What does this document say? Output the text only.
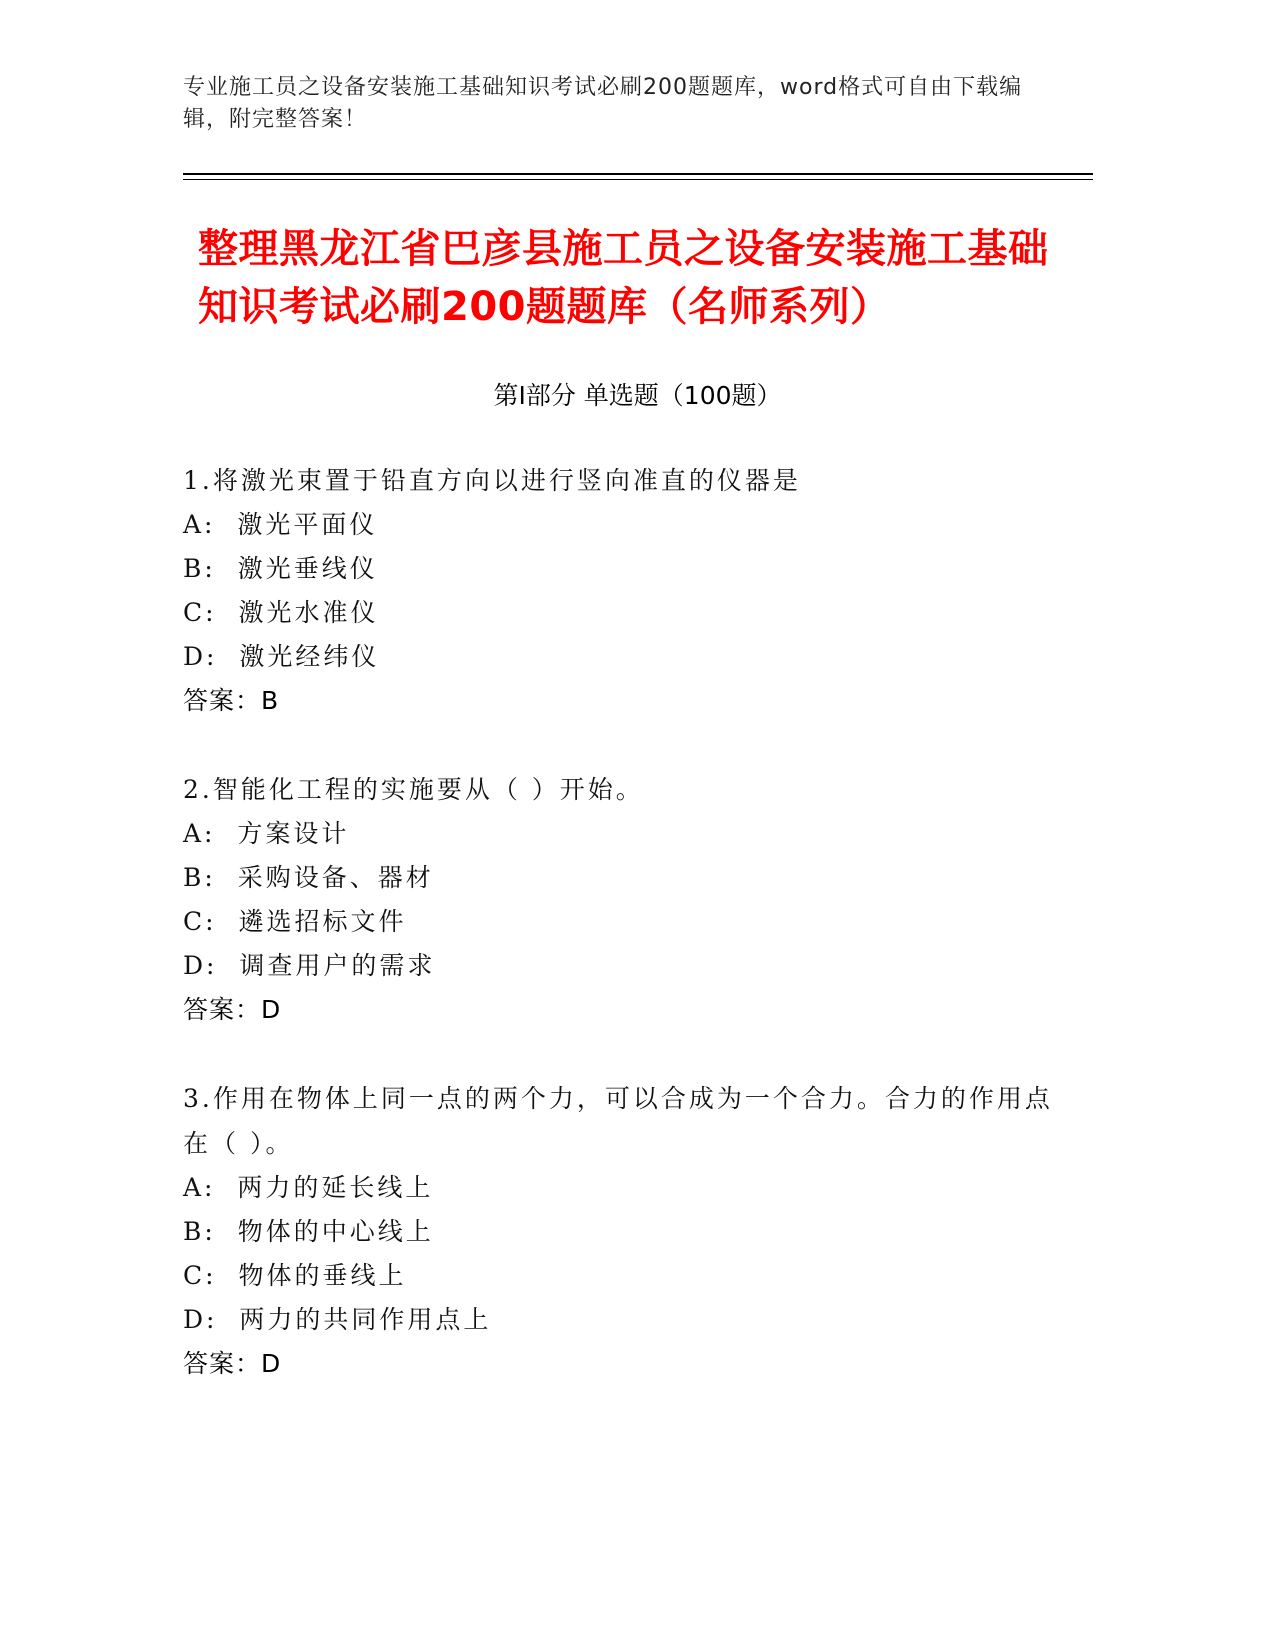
专业施工员之设备安装施工基础知识考试必刷200题题库，word格式可自由下载编辑，附完整答案！
整理黑龙江省巴彦县施工员之设备安装施工基础知识考试必刷200题题库（名师系列）
第Ⅰ部分 单选题（100题）

1.将激光束置于铅直方向以进行竖向准直的仪器是

A:  激光平面仪
B:  激光垂线仪
C:  激光水准仪
D:  激光经纬仪
答案：B

2.智能化工程的实施要从（ ）开始。

A:  方案设计
B:  采购设备、器材
C:  遴选招标文件
D:  调查用户的需求
答案：D

3.作用在物体上同一点的两个力，可以合成为一个合力。合力的作用点在（ ）。

A:  两力的延长线上
B:  物体的中心线上
C:  物体的垂线上
D:  两力的共同作用点上
答案：D
